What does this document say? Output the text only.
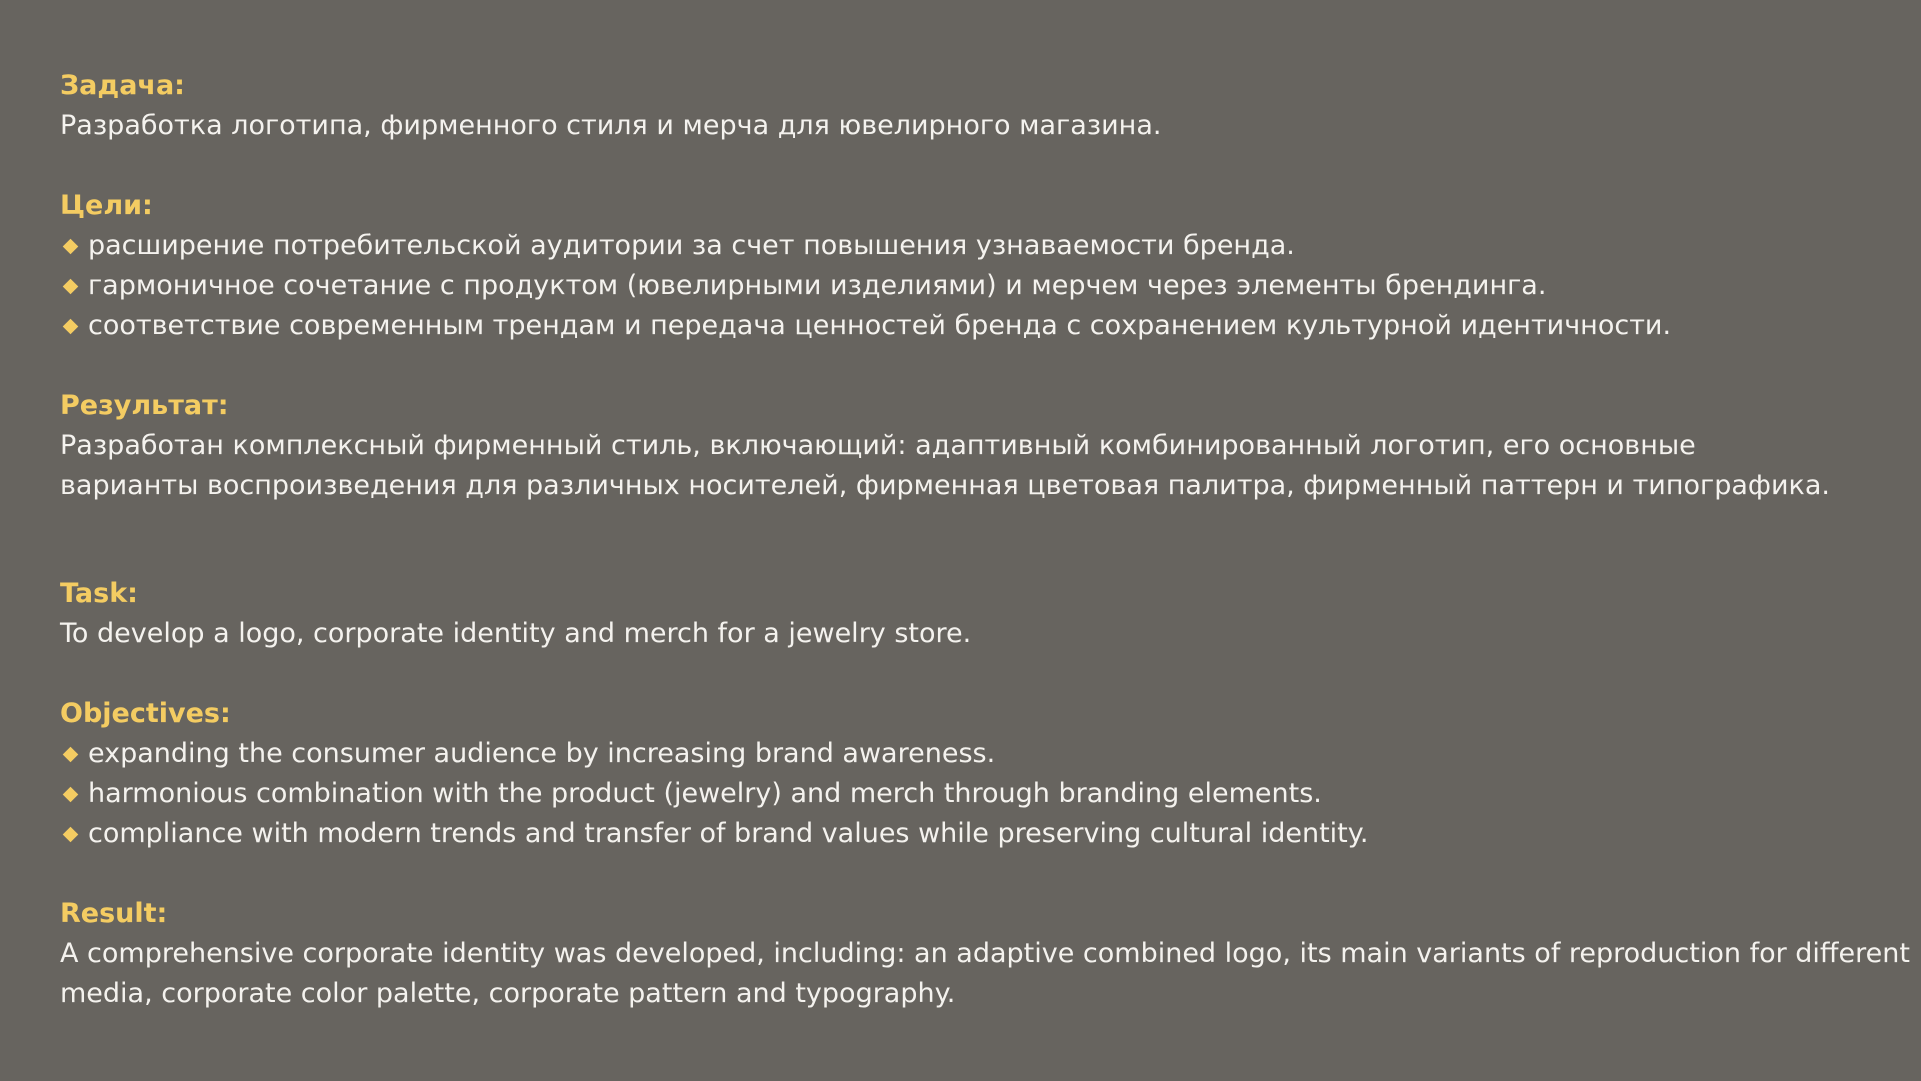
Задача:

Разработка логотипа, фирменного стиля и мерча для ювелирного магазина.

Цели:

расширение потребительской аудитории за счет повышения узнаваемости бренда.
гармоничное сочетание с продуктом (ювелирными изделиями) и мерчем через элементы брендинга.
соответствие современным трендам и передача ценностей бренда с сохранением культурной идентичности.

Результат:

Разработан комплексный фирменный стиль, включающий: адаптивный комбинированный логотип, его основные

варианты воспроизведения для различных носителей, фирменная цветовая палитра, фирменный паттерн и типографика.

Task:

To develop a logo, corporate identity and merch for a jewelry store.

Objectives:

expanding the consumer audience by increasing brand awareness.
harmonious combination with the product (jewelry) and merch through branding elements.
compliance with modern trends and transfer of brand values while preserving cultural identity.

Result:

A comprehensive corporate identity was developed, including: an adaptive combined logo, its main variants of reproduction for different

media, corporate color palette, corporate pattern and typography.
